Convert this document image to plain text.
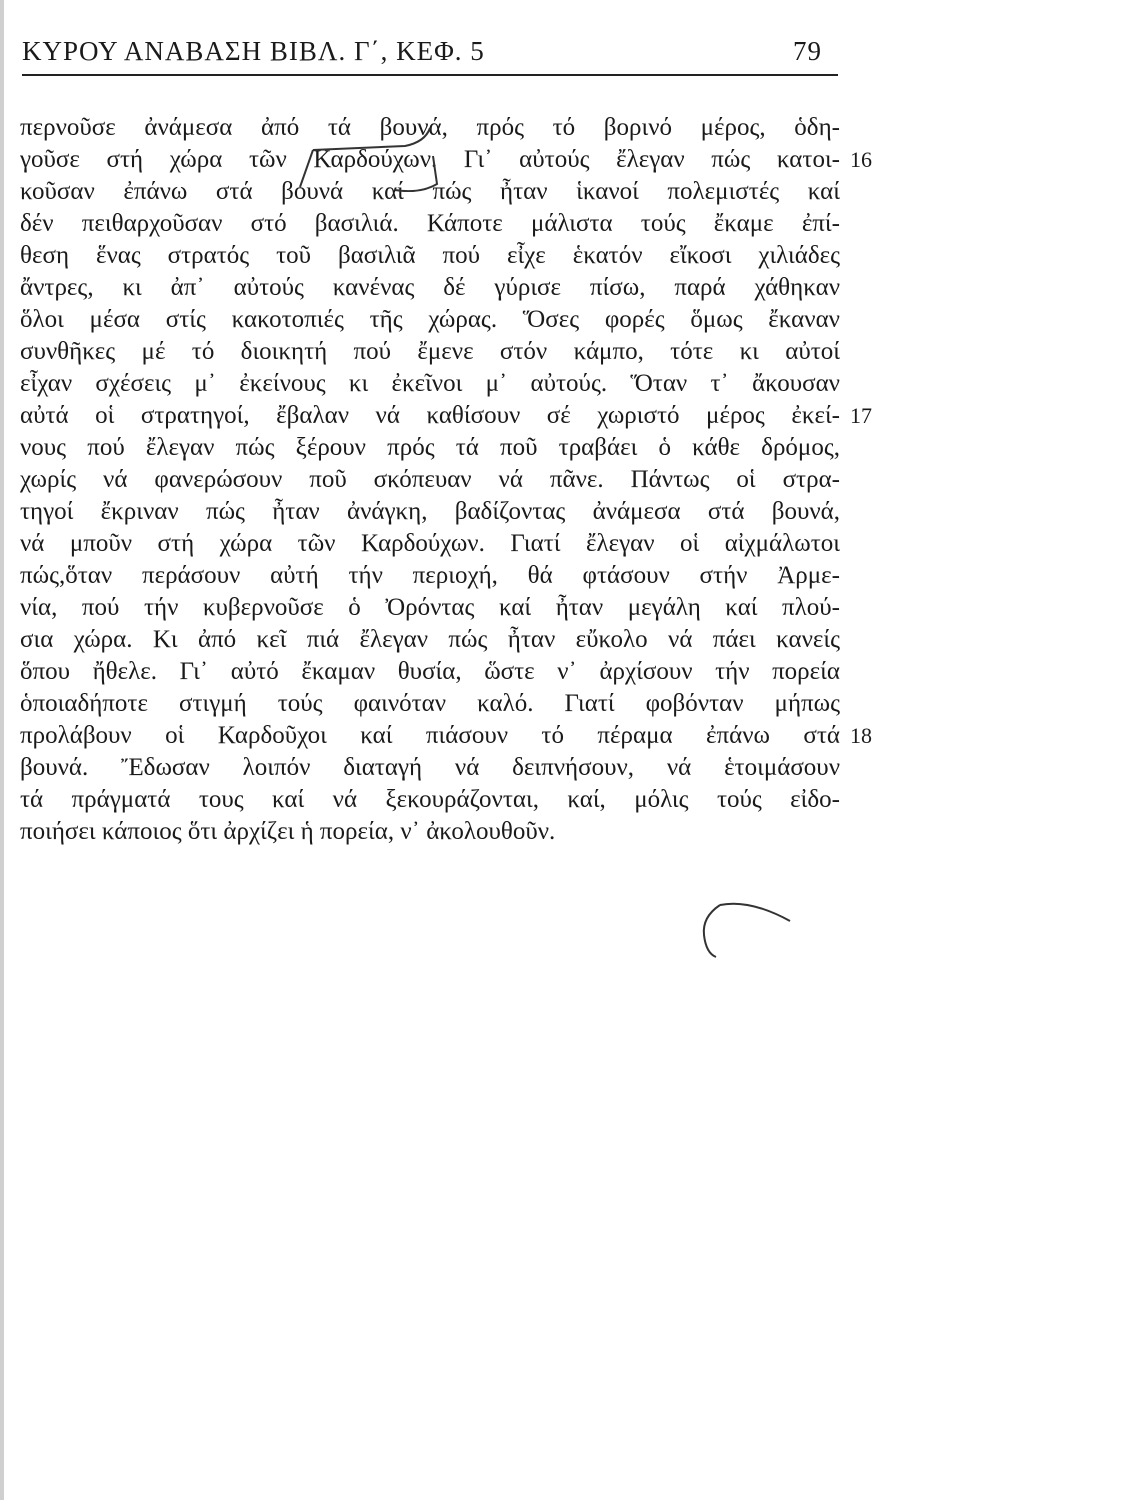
ΚΥΡΟΥ ΑΝΑΒΑΣΗ ΒΙΒΛ. Γ΄, ΚΕΦ. 5	79
περνοῦσε ἀνάμεσα ἀπό τά βουνά, πρός τό βορινό μέρος, ὁδη-
γοῦσε στή χώρα τῶν Καρδούχων. Γι᾿ αὐτούς ἔλεγαν πώς κατοι-
κοῦσαν ἐπάνω στά βουνά καί πώς ἦταν ἱκανοί πολεμιστές καί
δέν πειθαρχοῦσαν στό βασιλιά. Κάποτε μάλιστα τούς ἔκαμε ἐπί-
θεση ἕνας στρατός τοῦ βασιλιᾶ πού εἶχε ἑκατόν εἴκοσι χιλιάδες
ἄντρες, κι ἀπ᾿ αὐτούς κανένας δέ γύρισε πίσω, παρά χάθηκαν
ὅλοι μέσα στίς κακοτοπιές τῆς χώρας. Ὅσες φορές ὅμως ἔκαναν
συνθῆκες μέ τό διοικητή πού ἔμενε στόν κάμπο, τότε κι αὐτοί
εἶχαν σχέσεις μ᾿ ἐκείνους κι ἐκεῖνοι μ᾿ αὐτούς. Ὅταν τ᾿ ἄκουσαν
αὐτά οἱ στρατηγοί, ἔβαλαν νά καθίσουν σέ χωριστό μέρος ἐκεί-
νους πού ἔλεγαν πώς ξέρουν πρός τά ποῦ τραβάει ὁ κάθε δρόμος,
χωρίς νά φανερώσουν ποῦ σκόπευαν νά πᾶνε. Πάντως οἱ στρα-
τηγοί ἔκριναν πώς ἦταν ἀνάγκη, βαδίζοντας ἀνάμεσα στά βουνά,
νά μποῦν στή χώρα τῶν Καρδούχων. Γιατί ἔλεγαν οἱ αἰχμάλωτοι
πώς,ὅταν περάσουν αὐτή τήν περιοχή, θά φτάσουν στήν Ἀρμε-
νία, πού τήν κυβερνοῦσε ὁ Ὀρόντας καί ἦταν μεγάλη καί πλού-
σια χώρα. Κι ἀπό κεῖ πιά ἔλεγαν πώς ἦταν εὔκολο νά πάει κανείς
ὅπου ἤθελε. Γι᾿ αὐτό ἔκαμαν θυσία, ὥστε ν᾿ ἀρχίσουν τήν πορεία
ὁποιαδήποτε στιγμή τούς φαινόταν καλό. Γιατί φοβόνταν μήπως
προλάβουν οἱ Καρδοῦχοι καί πιάσουν τό πέραμα ἐπάνω στά
βουνά. Ἔδωσαν λοιπόν διαταγή νά δειπνήσουν, νά ἑτοιμάσουν
τά πράγματά τους καί νά ξεκουράζονται, καί, μόλις τούς εἰδο-
ποιήσει κάποιος ὅτι ἀρχίζει ἡ πορεία, ν᾿ ἀκολουθοῦν.
16
17
18
